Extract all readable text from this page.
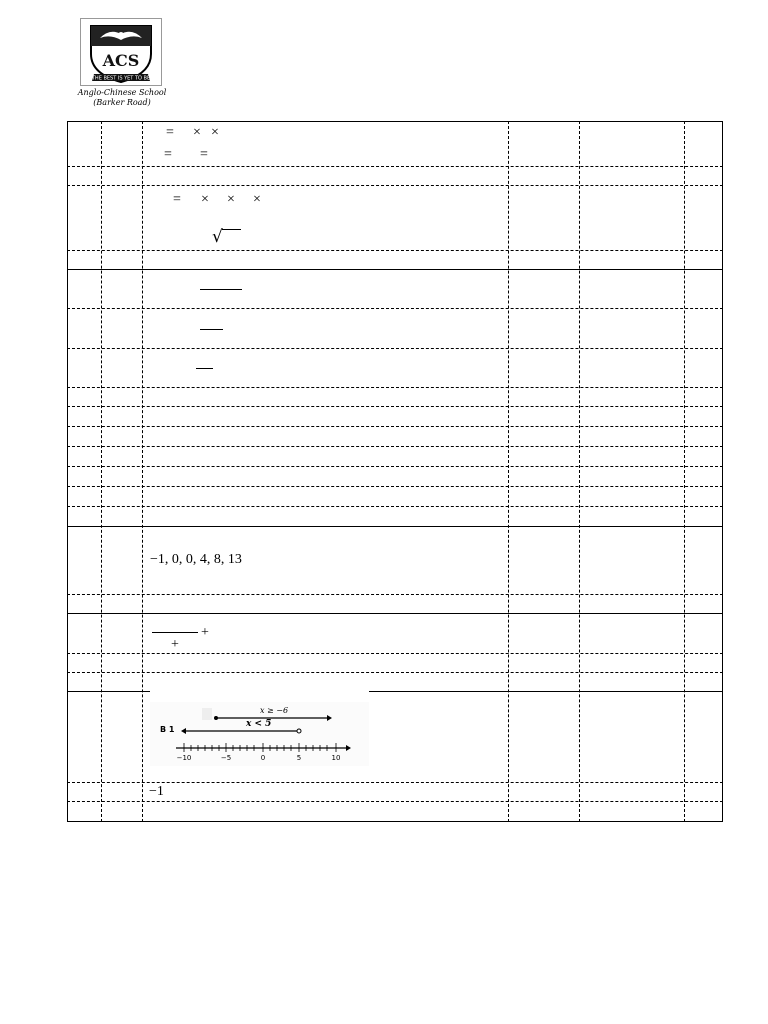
THE BEST IS YET TO BE
ACS
Anglo-Chinese School
(Barker Road)
= × ×
= =
= × × ×
√
−1, 0, 0, 4, 8, 13
+
+
x ≥ −6
x < 5
B 1
−10	−5	0	5	10
−1
